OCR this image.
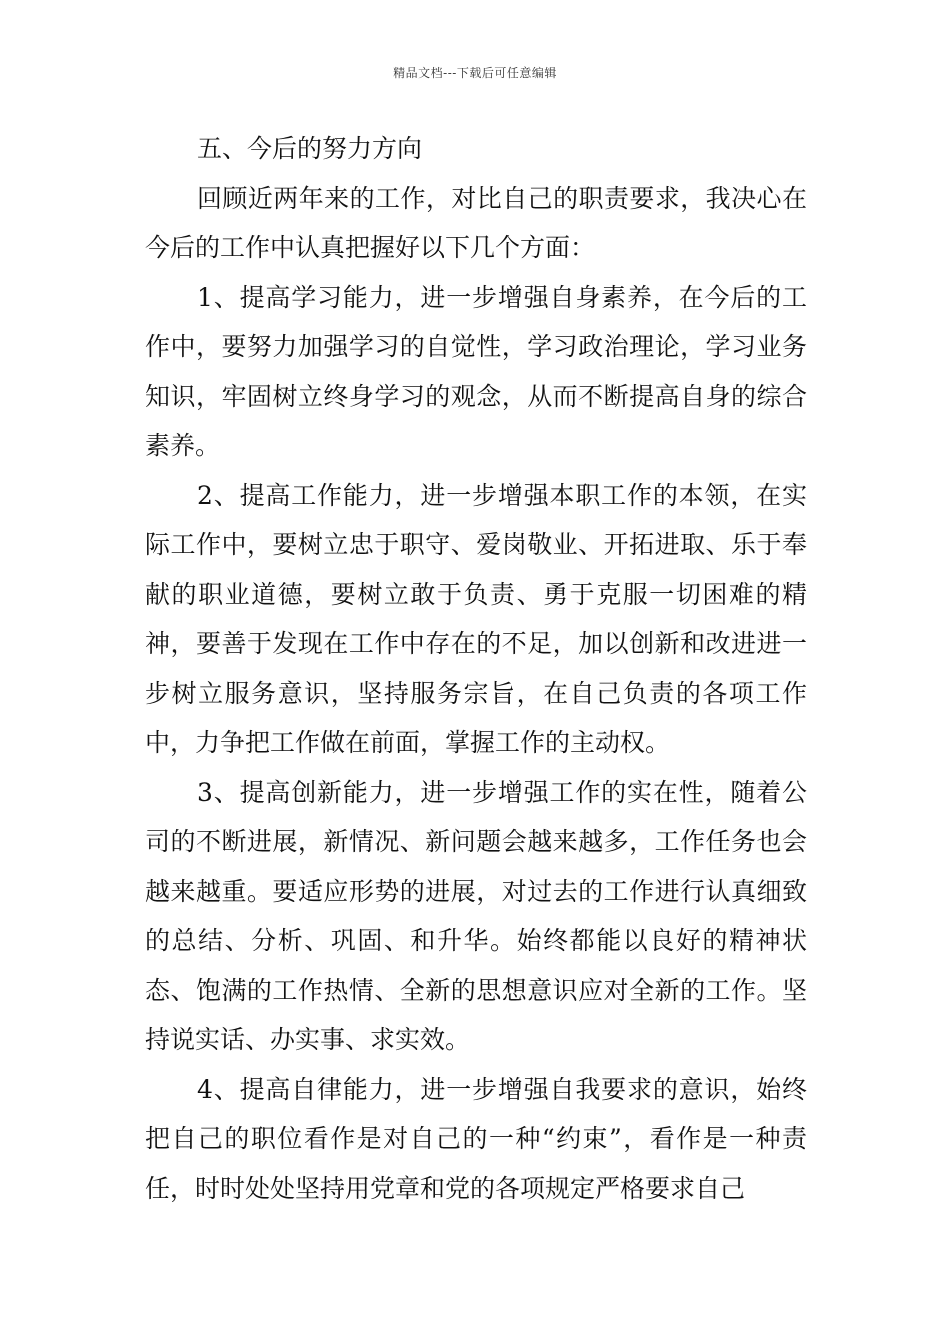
精品文档---下载后可任意编辑

五、今后的努力方向

回顾近两年来的工作，对比自己的职责要求，我决心在今后的工作中认真把握好以下几个方面：

1、提高学习能力，进一步增强自身素养，在今后的工作中，要努力加强学习的自觉性，学习政治理论，学习业务知识，牢固树立终身学习的观念，从而不断提高自身的综合素养。

2、提高工作能力，进一步增强本职工作的本领，在实际工作中，要树立忠于职守、爱岗敬业、开拓进取、乐于奉献的职业道德，要树立敢于负责、勇于克服一切困难的精神，要善于发现在工作中存在的不足，加以创新和改进进一步树立服务意识，坚持服务宗旨，在自己负责的各项工作中，力争把工作做在前面，掌握工作的主动权。

3、提高创新能力，进一步增强工作的实在性，随着公司的不断进展，新情况、新问题会越来越多，工作任务也会越来越重。要适应形势的进展，对过去的工作进行认真细致的总结、分析、巩固、和升华。始终都能以良好的精神状态、饱满的工作热情、全新的思想意识应对全新的工作。坚持说实话、办实事、求实效。

4、提高自律能力，进一步增强自我要求的意识，始终把自己的职位看作是对自己的一种“约束”，看作是一种责任，时时处处坚持用党章和党的各项规定严格要求自己
